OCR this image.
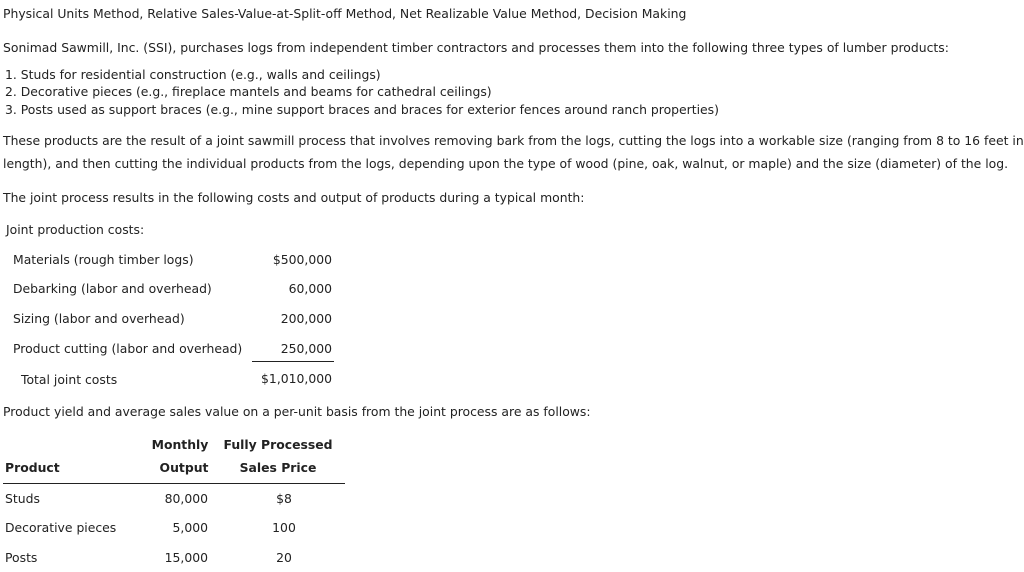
Physical Units Method, Relative Sales-Value-at-Split-off Method, Net Realizable Value Method, Decision Making
Sonimad Sawmill, Inc. (SSI), purchases logs from independent timber contractors and processes them into the following three types of lumber products:
1. Studs for residential construction (e.g., walls and ceilings)
2. Decorative pieces (e.g., fireplace mantels and beams for cathedral ceilings)
3. Posts used as support braces (e.g., mine support braces and braces for exterior fences around ranch properties)
These products are the result of a joint sawmill process that involves removing bark from the logs, cutting the logs into a workable size (ranging from 8 to 16 feet in
length), and then cutting the individual products from the logs, depending upon the type of wood (pine, oak, walnut, or maple) and the size (diameter) of the log.
The joint process results in the following costs and output of products during a typical month:
Joint production costs:
Materials (rough timber logs)	$500,000
Debarking (labor and overhead)	60,000
Sizing (labor and overhead)	200,000
Product cutting (labor and overhead)	250,000
Total joint costs	$1,010,000
Product yield and average sales value on a per-unit basis from the joint process are as follows:
Monthly	Fully Processed
Product	Output	Sales Price
Studs	80,000	$8
Decorative pieces	5,000	100
Posts	15,000	20
